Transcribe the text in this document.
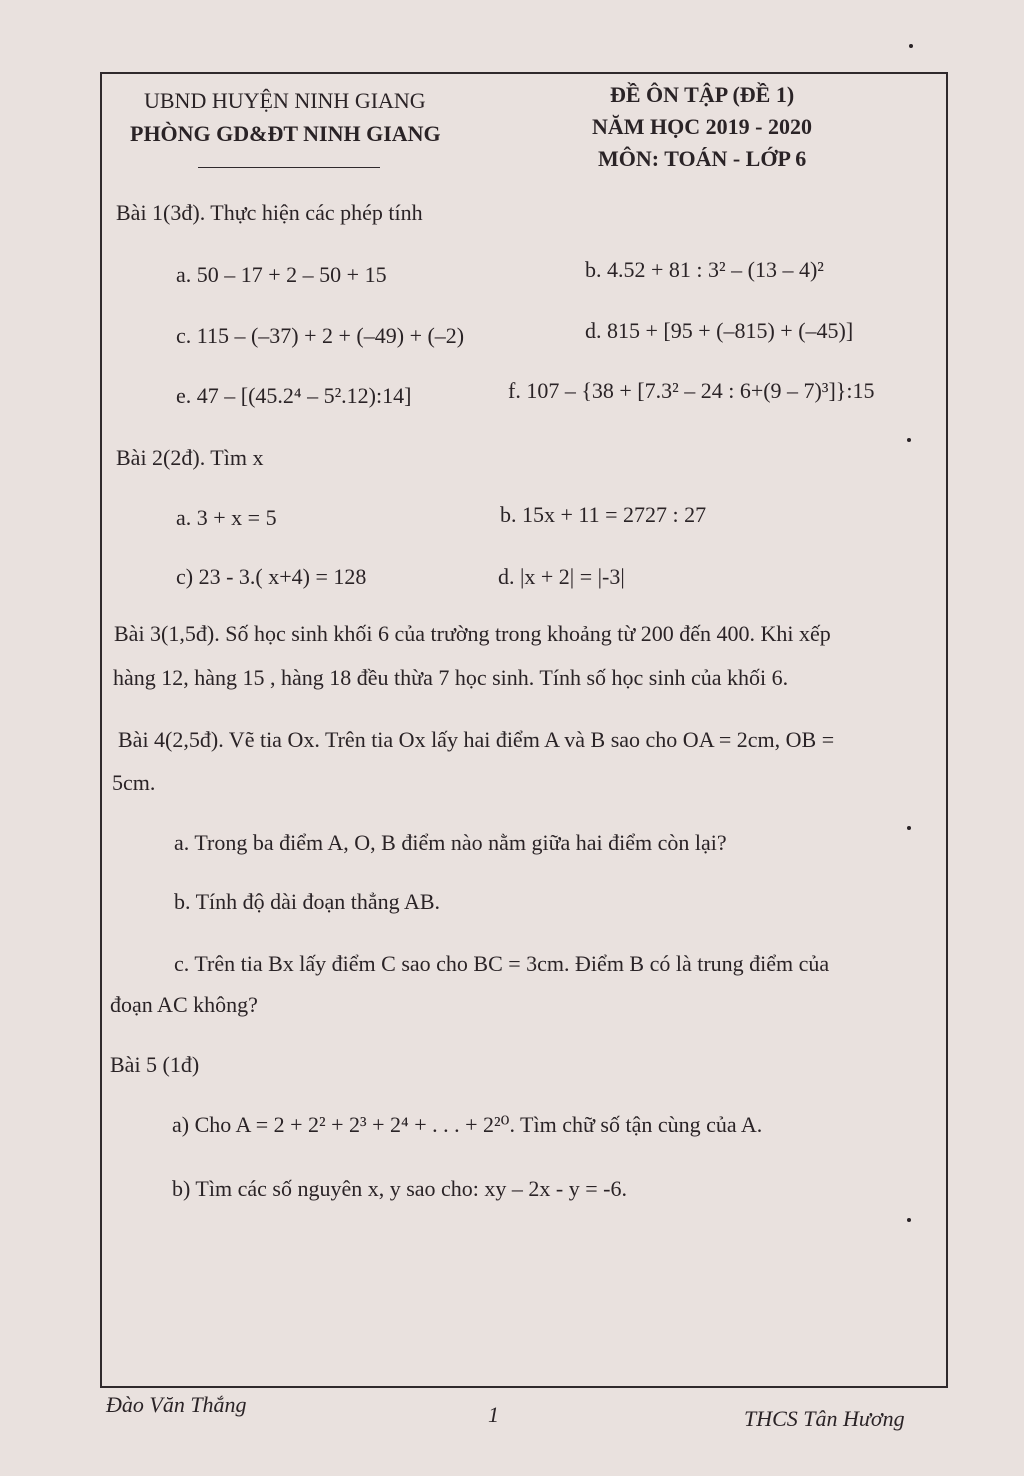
UBND HUYỆN NINH GIANG
PHÒNG GD&ĐT NINH GIANG
ĐỀ ÔN TẬP (ĐỀ 1)
NĂM HỌC 2019 - 2020
MÔN: TOÁN - LỚP 6
Bài 1(3đ). Thực hiện các phép tính
a. 50 – 17 + 2 – 50 + 15	b. 4.52 + 81 : 3² – (13 – 4)²
c. 115 – (–37) + 2 + (–49) + (–2)	d. 815 + [95 + (–815) + (–45)]
e. 47 – [(45.2⁴ – 5².12):14]	f. 107 – {38 + [7.3² – 24 : 6+(9 – 7)³]}:15
Bài 2(2đ). Tìm x
a. 3 + x = 5	b. 15x + 11 = 2727 : 27
c) 23 - 3.( x+4) = 128	d. |x + 2| = |-3|
Bài 3(1,5đ). Số học sinh khối 6 của trường trong khoảng từ 200 đến 400. Khi xếp
hàng 12, hàng 15 , hàng 18 đều thừa 7 học sinh. Tính số học sinh của khối 6.
Bài 4(2,5đ). Vẽ tia Ox. Trên tia Ox lấy hai điểm A và B sao cho OA = 2cm, OB =
5cm.
a. Trong ba điểm A, O, B điểm nào nằm giữa hai điểm còn lại?
b. Tính độ dài đoạn thẳng AB.
c. Trên tia Bx lấy điểm C sao cho BC = 3cm. Điểm B có là trung điểm của
đoạn AC không?
Bài 5 (1đ)
a) Cho A = 2 + 2² + 2³ + 2⁴ + . . . + 2²⁰. Tìm chữ số tận cùng của A.
b) Tìm các số nguyên x, y sao cho: xy – 2x - y = -6.
Đào Văn Thắng	1	THCS Tân Hương
